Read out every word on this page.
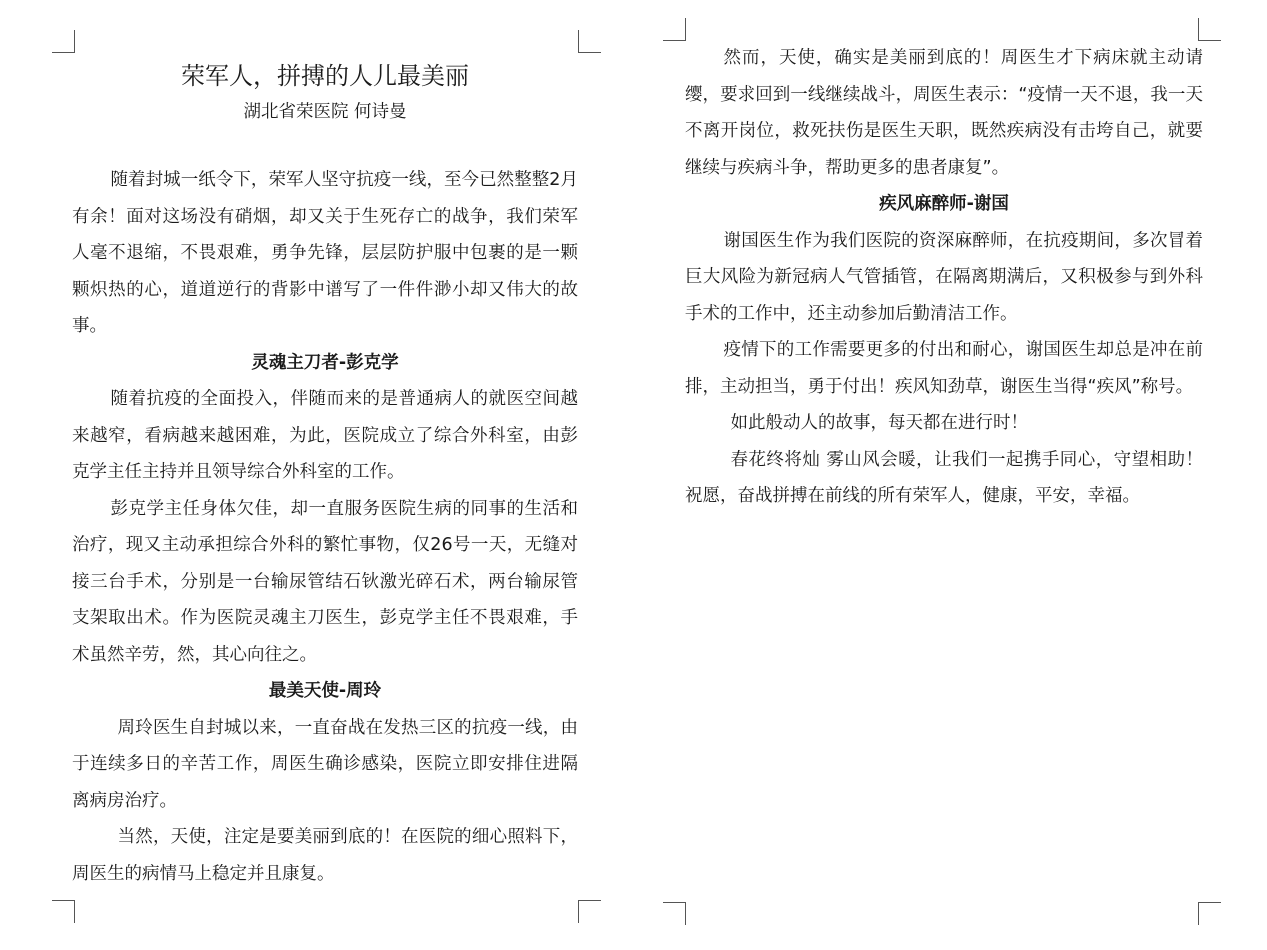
荣军人，拼搏的人儿最美丽
湖北省荣医院 何诗曼

随着封城一纸令下，荣军人坚守抗疫一线，至今已然整整2月有余！面对这场没有硝烟，却又关于生死存亡的战争，我们荣军人毫不退缩，不畏艰难，勇争先锋，层层防护服中包裹的是一颗颗炽热的心，道道逆行的背影中谱写了一件件渺小却又伟大的故事。

灵魂主刀者-彭克学

随着抗疫的全面投入，伴随而来的是普通病人的就医空间越来越窄，看病越来越困难，为此，医院成立了综合外科室，由彭克学主任主持并且领导综合外科室的工作。

彭克学主任身体欠佳，却一直服务医院生病的同事的生活和治疗，现又主动承担综合外科的繁忙事物，仅26号一天，无缝对接三台手术，分别是一台输尿管结石钬激光碎石术，两台输尿管支架取出术。作为医院灵魂主刀医生，彭克学主任不畏艰难，手术虽然辛劳，然，其心向往之。

最美天使-周玲

周玲医生自封城以来，一直奋战在发热三区的抗疫一线，由于连续多日的辛苦工作，周医生确诊感染，医院立即安排住进隔离病房治疗。

当然，天使，注定是要美丽到底的！在医院的细心照料下，周医生的病情马上稳定并且康复。

然而，天使，确实是美丽到底的！周医生才下病床就主动请缨，要求回到一线继续战斗，周医生表示：“疫情一天不退，我一天不离开岗位，救死扶伤是医生天职，既然疾病没有击垮自己，就要继续与疾病斗争，帮助更多的患者康复”。

疾风麻醉师-谢国

谢国医生作为我们医院的资深麻醉师，在抗疫期间，多次冒着巨大风险为新冠病人气管插管，在隔离期满后，又积极参与到外科手术的工作中，还主动参加后勤清洁工作。

疫情下的工作需要更多的付出和耐心，谢国医生却总是冲在前排，主动担当，勇于付出！疾风知劲草，谢医生当得“疾风”称号。

如此般动人的故事，每天都在进行时！

春花终将灿 雾山风会暖，让我们一起携手同心，守望相助！祝愿，奋战拼搏在前线的所有荣军人，健康，平安，幸福。
